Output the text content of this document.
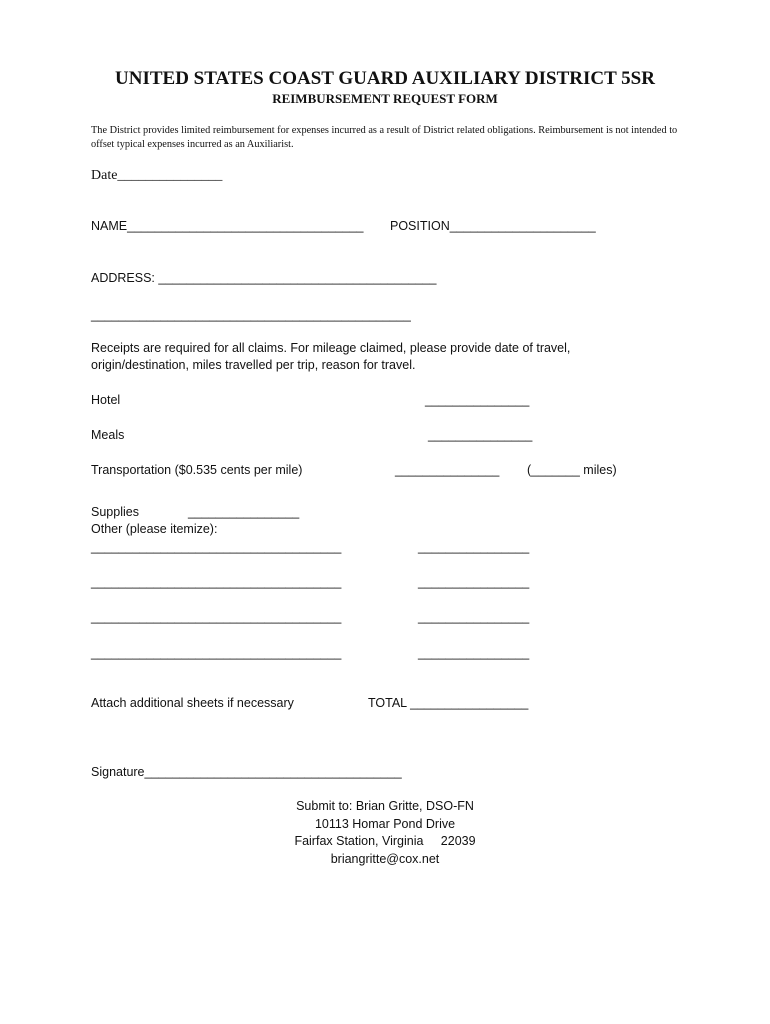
UNITED STATES COAST GUARD AUXILIARY DISTRICT 5SR
REIMBURSEMENT REQUEST FORM
The District provides limited reimbursement for expenses incurred as a result of District related obligations. Reimbursement is not intended to offset typical expenses incurred as an Auxiliarist.
Date_______________
NAME__________________________________ POSITION_____________________
ADDRESS: ________________________________________
______________________________________________
Receipts are required for all claims. For mileage claimed, please provide date of travel,
origin/destination, miles travelled per trip, reason for travel.
Hotel	_______________
Meals	_______________
Transportation ($0.535 cents per mile)	_______________ (_______ miles)
Supplies	________________
Other (please itemize):
____________________________________	________________
____________________________________	________________
____________________________________	________________
____________________________________	________________
Attach additional sheets if necessary	TOTAL _________________
Signature_____________________________________
Submit to: Brian Gritte, DSO-FN
10113 Homar Pond Drive
Fairfax Station, Virginia     22039
briangritte@cox.net
